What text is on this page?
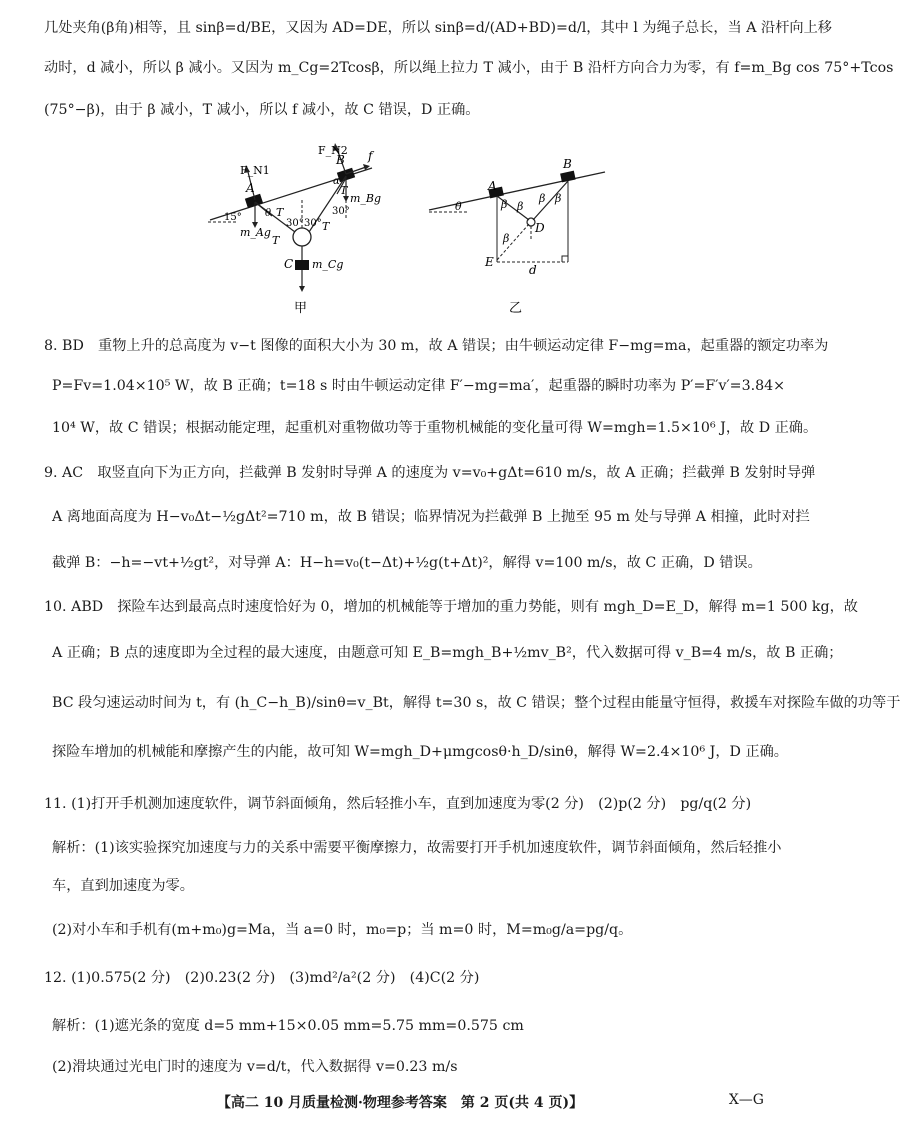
几处夹角(β角)相等，且 sinβ=d/BE，又因为 AD=DE，所以 sinβ=d/(AD+BD)=d/l，其中 l 为绳子总长，当 A 沿杆向上移
动时，d 减小，所以 β 减小。又因为 m_Cg=2Tcosβ，所以绳上拉力 T 减小，由于 B 沿杆方向合力为零，有 f=m_Bg cos 75°+Tcos
(75°−β)，由于 β 减小，T 减小，所以 f 减小，故 C 错误，D 正确。
F_N1
F_N2
A
B f
C m_Cg
m_Bg
m_Ag
15° θ
α
T
30° 30°
30°
T
T
T
甲
A
B
D
E
d
θ	β β
β β
β
乙
8. BD　重物上升的总高度为 v−t 图像的面积大小为 30 m，故 A 错误；由牛顿运动定律 F−mg=ma，起重器的额定功率为
P=Fv=1.04×10⁵ W，故 B 正确；t=18 s 时由牛顿运动定律 F′−mg=ma′，起重器的瞬时功率为 P′=F′v′=3.84×
10⁴ W，故 C 错误；根据动能定理，起重机对重物做功等于重物机械能的变化量可得 W=mgh=1.5×10⁶ J，故 D 正确。
9. AC　取竖直向下为正方向，拦截弹 B 发射时导弹 A 的速度为 v=v₀+gΔt=610 m/s，故 A 正确；拦截弹 B 发射时导弹
A 离地面高度为 H−v₀Δt−½gΔt²=710 m，故 B 错误；临界情况为拦截弹 B 上抛至 95 m 处与导弹 A 相撞，此时对拦
截弹 B：−h=−vt+½gt²，对导弹 A：H−h=v₀(t−Δt)+½g(t+Δt)²，解得 v=100 m/s，故 C 正确，D 错误。
10. ABD　探险车达到最高点时速度恰好为 0，增加的机械能等于增加的重力势能，则有 mgh_D=E_D，解得 m=1 500 kg，故
A 正确；B 点的速度即为全过程的最大速度，由题意可知 E_B=mgh_B+½mv_B²，代入数据可得 v_B=4 m/s，故 B 正确；
BC 段匀速运动时间为 t，有 (h_C−h_B)/sinθ=v_Bt，解得 t=30 s，故 C 错误；整个过程由能量守恒得，救援车对探险车做的功等于
探险车增加的机械能和摩擦产生的内能，故可知 W=mgh_D+μmgcosθ·h_D/sinθ，解得 W=2.4×10⁶ J，D 正确。
11. (1)打开手机测加速度软件，调节斜面倾角，然后轻推小车，直到加速度为零(2 分)　(2)p(2 分)　pg/q(2 分)
解析：(1)该实验探究加速度与力的关系中需要平衡摩擦力，故需要打开手机加速度软件，调节斜面倾角，然后轻推小
车，直到加速度为零。
(2)对小车和手机有(m+m₀)g=Ma，当 a=0 时，m₀=p；当 m=0 时，M=m₀g/a=pg/q。
12. (1)0.575(2 分)　(2)0.23(2 分)　(3)md²/a²(2 分)　(4)C(2 分)
解析：(1)遮光条的宽度 d=5 mm+15×0.05 mm=5.75 mm=0.575 cm
(2)滑块通过光电门时的速度为 v=d/t，代入数据得 v=0.23 m/s
【高二 10 月质量检测·物理参考答案　第 2 页(共 4 页)】	X—G
